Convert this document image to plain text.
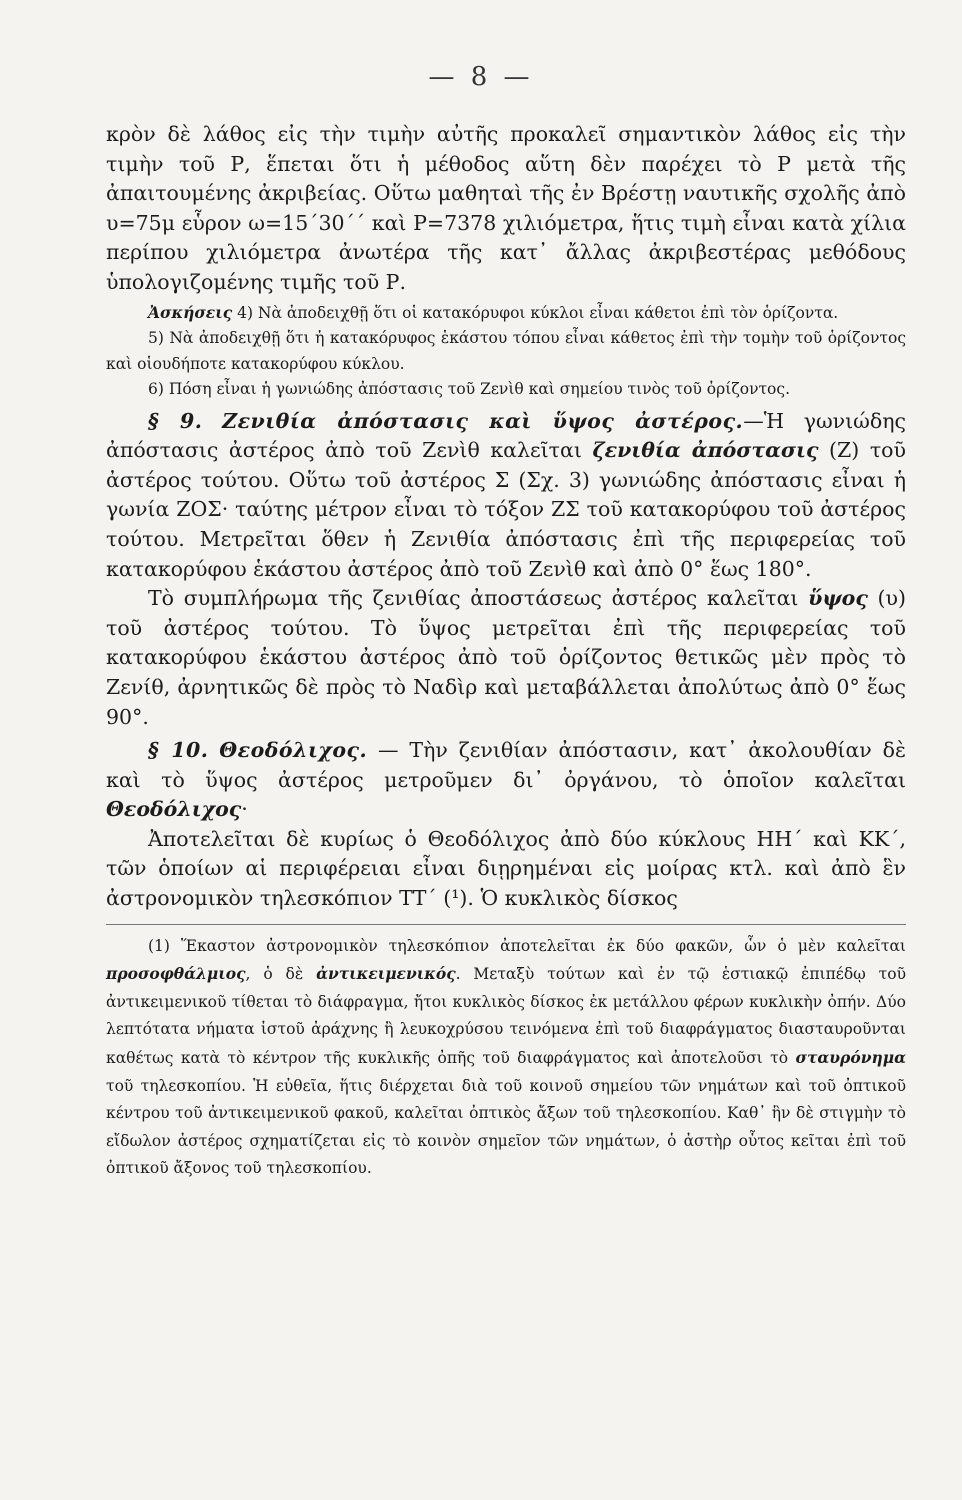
— 8 —

κρὸν δὲ λάθος εἰς τὴν τιμὴν αὐτῆς προκαλεῖ σημαντικὸν λάθος εἰς τὴν τιμὴν τοῦ Ρ, ἕπεται ὅτι ἡ μέθοδος αὕτη δὲν παρέχει τὸ Ρ μετὰ τῆς ἀπαιτουμένης ἀκριβείας. Οὕτω μαθηταὶ τῆς ἐν Βρέστῃ ναυτικῆς σχολῆς ἀπὸ υ=75μ εὗρον ω=15΄30΄΄ καὶ Ρ=7378 χιλιόμετρα, ἥτις τιμὴ εἶναι κατὰ χίλια περίπου χιλιόμετρα ἀνωτέρα τῆς κατ᾿ ἄλλας ἀκριβεστέρας μεθόδους ὑπολογιζομένης τιμῆς τοῦ Ρ.

Ἀσκήσεις 4) Νὰ ἀποδειχθῇ ὅτι οἱ κατακόρυφοι κύκλοι εἶναι κάθετοι ἐπὶ τὸν ὁρίζοντα.

5) Νὰ ἀποδειχθῇ ὅτι ἡ κατακόρυφος ἑκάστου τόπου εἶναι κάθετος ἐπὶ τὴν τομὴν τοῦ ὁρίζοντος καὶ οἱουδήποτε κατακορύφου κύκλου.

6) Πόση εἶναι ἡ γωνιώδης ἀπόστασις τοῦ Ζενὶθ καὶ σημείου τινὸς τοῦ ὁρίζοντος.

§ 9. Ζενιθία ἀπόστασις καὶ ὕψος ἀστέρος.—Ἡ γωνιώδης ἀπόστασις ἀστέρος ἀπὸ τοῦ Ζενὶθ καλεῖται ζενιθία ἀπόστασις (Ζ) τοῦ ἀστέρος τούτου. Οὕτω τοῦ ἀστέρος Σ (Σχ. 3) γωνιώδης ἀπόστασις εἶναι ἡ γωνία ΖΟΣ· ταύτης μέτρον εἶναι τὸ τόξον ΖΣ τοῦ κατακορύφου τοῦ ἀστέρος τούτου. Μετρεῖται ὅθεν ἡ Ζενιθία ἀπόστασις ἐπὶ τῆς περιφερείας τοῦ κατακορύφου ἑκάστου ἀστέρος ἀπὸ τοῦ Ζενὶθ καὶ ἀπὸ 0° ἕως 180°.

Τὸ συμπλήρωμα τῆς ζενιθίας ἀποστάσεως ἀστέρος καλεῖται ὕψος (υ) τοῦ ἀστέρος τούτου. Τὸ ὕψος μετρεῖται ἐπὶ τῆς περιφερείας τοῦ κατακορύφου ἑκάστου ἀστέρος ἀπὸ τοῦ ὁρίζοντος θετικῶς μὲν πρὸς τὸ Ζενίθ, ἀρνητικῶς δὲ πρὸς τὸ Ναδὶρ καὶ μεταβάλλεται ἀπολύτως ἀπὸ 0° ἕως 90°.

§ 10. Θεοδόλιχος. — Τὴν ζενιθίαν ἀπόστασιν, κατ᾿ ἀκολουθίαν δὲ καὶ τὸ ὕψος ἀστέρος μετροῦμεν δι᾿ ὀργάνου, τὸ ὁποῖον καλεῖται Θεοδόλιχος·

Ἀποτελεῖται δὲ κυρίως ὁ Θεοδόλιχος ἀπὸ δύο κύκλους ΗΗ΄ καὶ ΚΚ΄, τῶν ὁποίων αἱ περιφέρειαι εἶναι διῃρημέναι εἰς μοίρας κτλ. καὶ ἀπὸ ἓν ἀστρονομικὸν τηλεσκόπιον ΤΤ΄ (¹). Ὁ κυκλικὸς δίσκος

(1) Ἕκαστον ἀστρονομικὸν τηλεσκόπιον ἀποτελεῖται ἐκ δύο φακῶν, ὧν ὁ μὲν καλεῖται προσοφθάλμιος, ὁ δὲ ἀντικειμενικός. Μεταξὺ τούτων καὶ ἐν τῷ ἑστιακῷ ἐπιπέδῳ τοῦ ἀντικειμενικοῦ τίθεται τὸ διάφραγμα, ἤτοι κυκλικὸς δίσκος ἐκ μετάλλου φέρων κυκλικὴν ὀπήν. Δύο λεπτότατα νήματα ἱστοῦ ἀράχνης ἢ λευκοχρύσου τεινόμενα ἐπὶ τοῦ διαφράγματος διασταυροῦνται καθέτως κατὰ τὸ κέντρον τῆς κυκλικῆς ὀπῆς τοῦ διαφράγματος καὶ ἀποτελοῦσι τὸ σταυρόνημα τοῦ τηλεσκοπίου. Ἡ εὐθεῖα, ἥτις διέρχεται διὰ τοῦ κοινοῦ σημείου τῶν νημάτων καὶ τοῦ ὀπτικοῦ κέντρου τοῦ ἀντικειμενικοῦ φακοῦ, καλεῖται ὀπτικὸς ἄξων τοῦ τηλεσκοπίου. Καθ᾿ ἣν δὲ στιγμὴν τὸ εἴδωλον ἀστέρος σχηματίζεται εἰς τὸ κοινὸν σημεῖον τῶν νημάτων, ὁ ἀστὴρ οὗτος κεῖται ἐπὶ τοῦ ὀπτικοῦ ἄξονος τοῦ τηλεσκοπίου.
